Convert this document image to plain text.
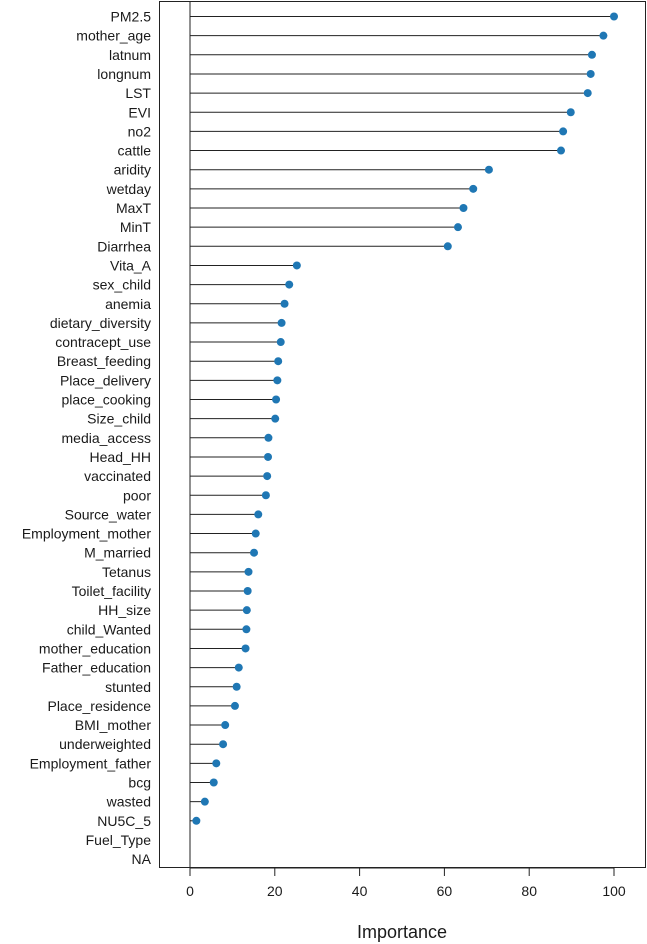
PM2.5
mother_age
latnum
longnum
LST
EVI
no2
cattle
aridity
wetday
MaxT
MinT
Diarrhea
Vita_A
sex_child
anemia
dietary_diversity
contracept_use
Breast_feeding
Place_delivery
place_cooking
Size_child
media_access
Head_HH
vaccinated
poor
Source_water
Employment_mother
M_married
Tetanus
Toilet_facility
HH_size
child_Wanted
mother_education
Father_education
stunted
Place_residence
BMI_mother
underweighted
Employment_father
bcg
wasted
NU5C_5
Fuel_Type
NA
0	20	40	60	80	100
Importance
